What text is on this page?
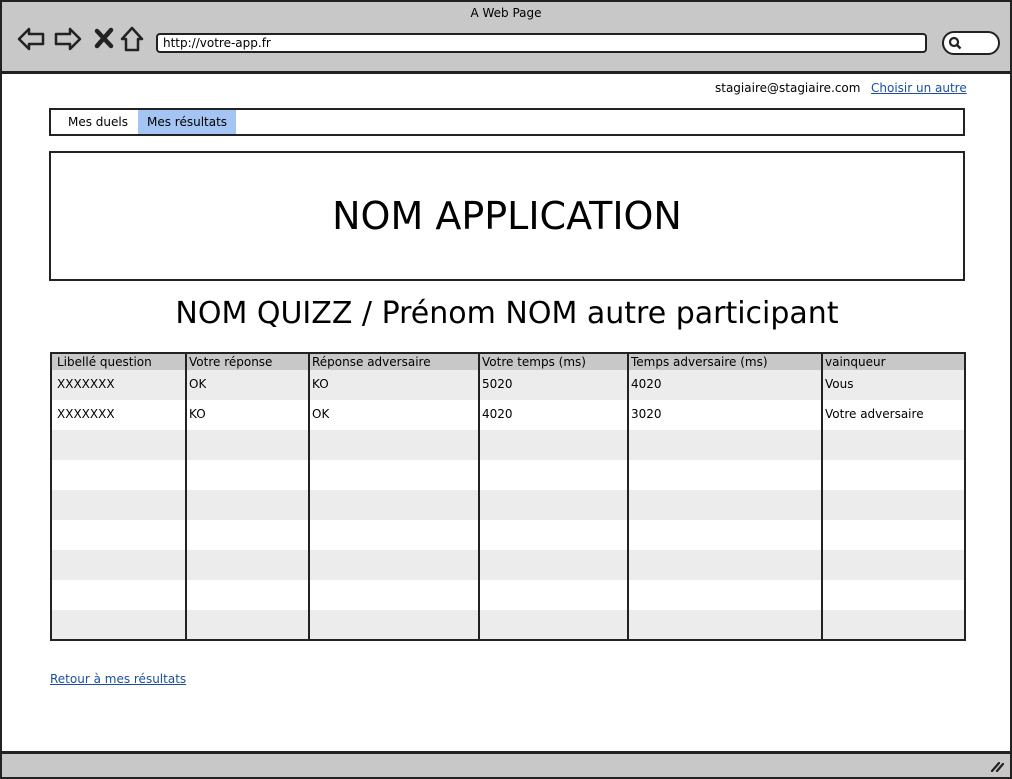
A Web Page
http://votre-app.fr
stagiaire@stagiaire.com Choisir un autre
Mes duels	Mes résultats
NOM APPLICATION
NOM QUIZZ / Prénom NOM autre participant
Libellé question	Votre réponse	Réponse adversaire	Votre temps (ms)	Temps adversaire (ms)	vainqueur
XXXXXXX	OK	KO	5020	4020	Vous
XXXXXXX	KO	OK	4020	3020	Votre adversaire
Retour à mes résultats
